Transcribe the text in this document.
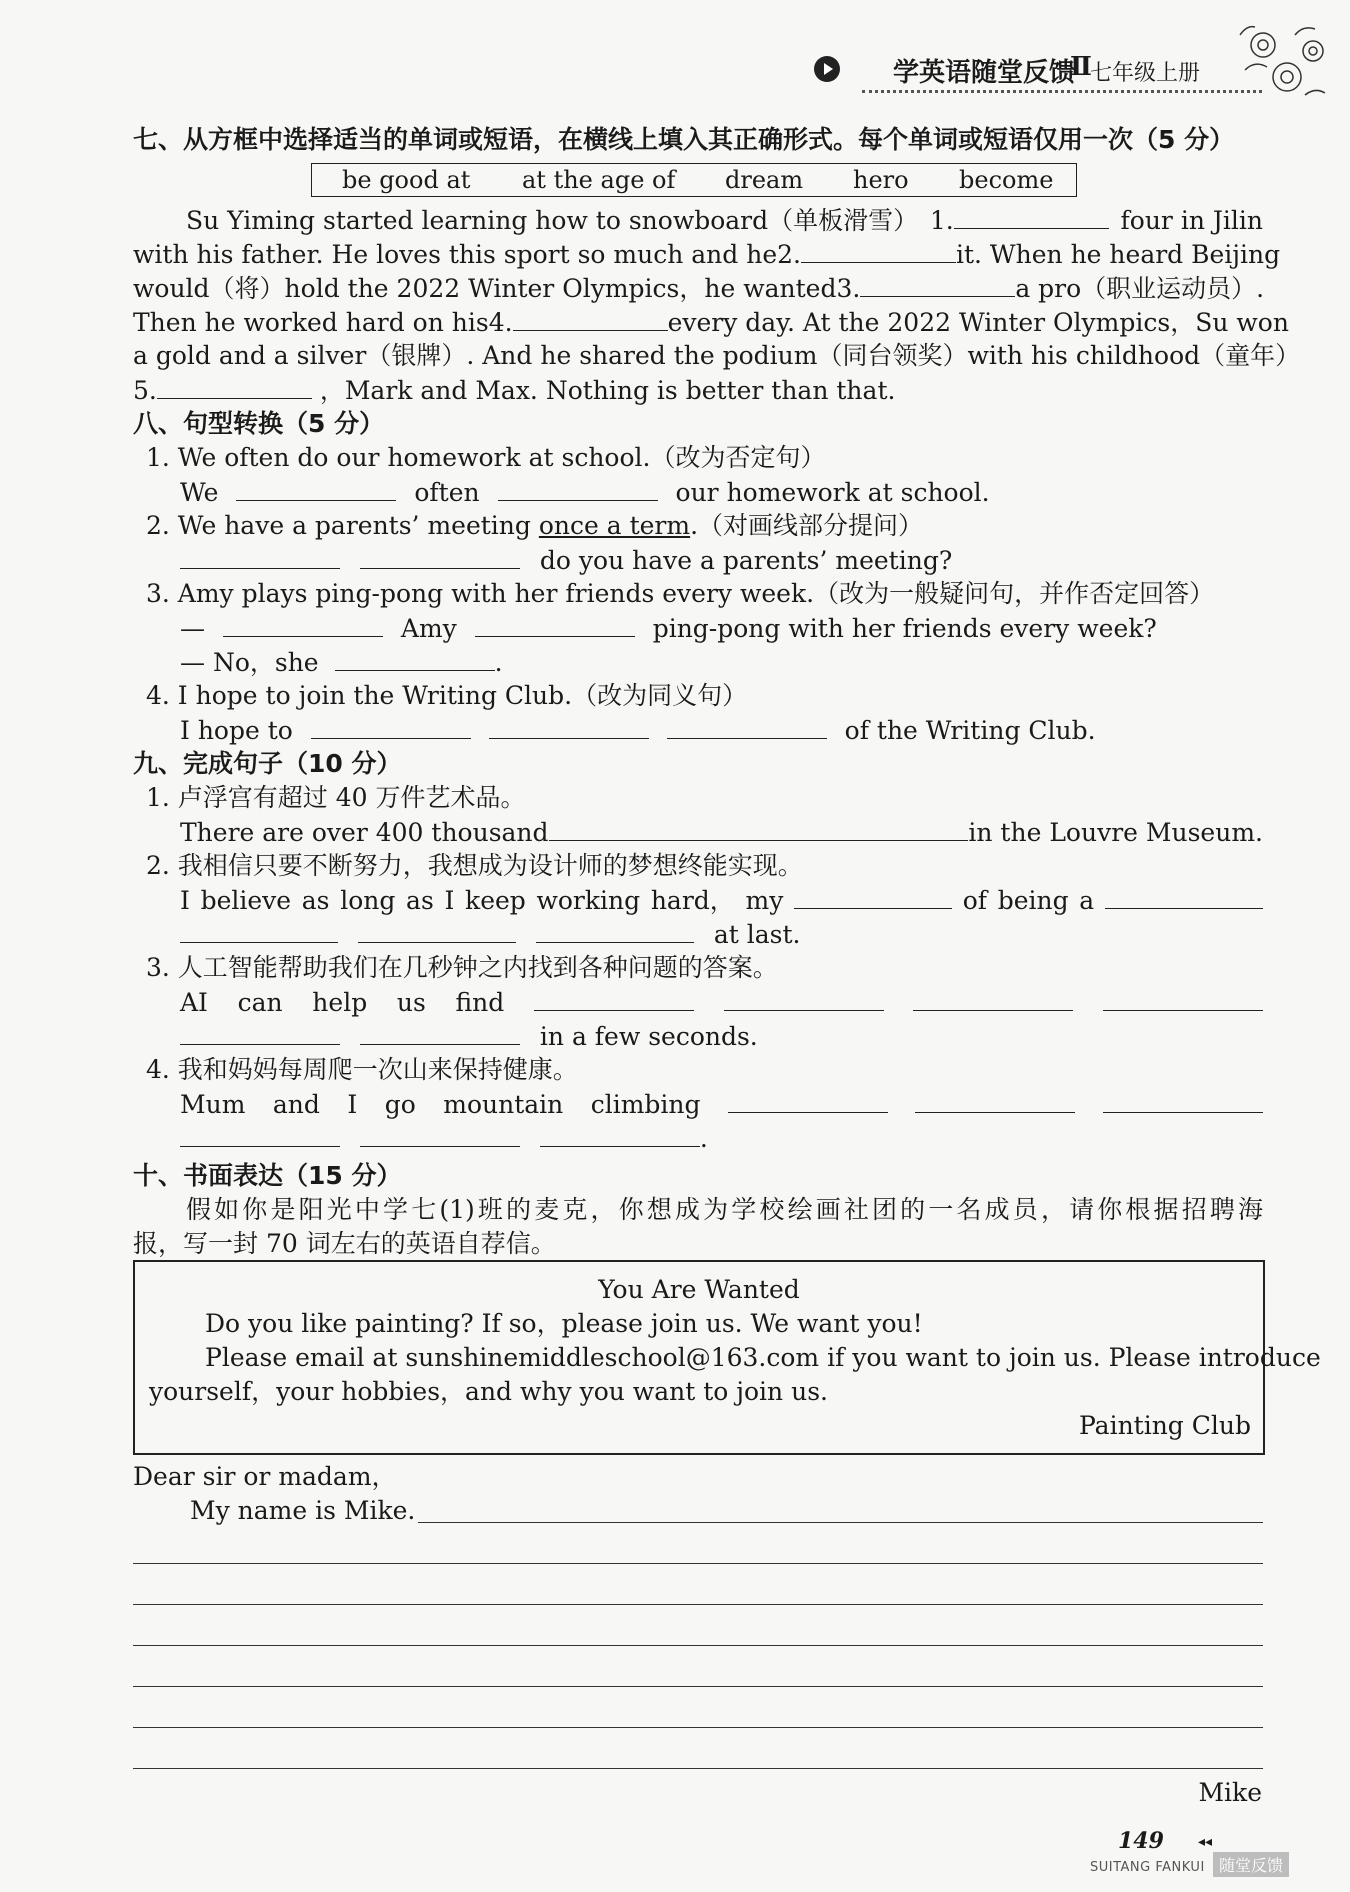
学英语随堂反馈
Ⅱ
七年级上册
七、从方框中选择适当的单词或短语，在横线上填入其正确形式。每个单词或短语仅用一次（5 分）
be good at at the age of dream hero become
Su Yiming started learning how to snowboard（单板滑雪） 1.	four in Jilin
with his father. He loves this sport so much and he 2.	it. When he heard Beijing
would（将）hold the 2022 Winter Olympics，he wanted 3.	a pro（职业运动员）.
Then he worked hard on his 4.	every day. At the 2022 Winter Olympics，Su won
a gold and a silver（银牌）. And he shared the podium（同台领奖）with his childhood（童年）
5.	，Mark and Max. Nothing is better than that.
八、句型转换（5 分）
1. We often do our homework at school.（改为否定句）
We	often	our homework at school.
2. We have a parents’ meeting once a term.（对画线部分提问）
do you have a parents’ meeting?
3. Amy plays ping-pong with her friends every week.（改为一般疑问句，并作否定回答）
—	Amy	ping-pong with her friends every week?
— No，she	.
4. I hope to join the Writing Club.（改为同义句）
I hope to	of the Writing Club.
九、完成句子（10 分）
1. 卢浮宫有超过 40 万件艺术品。
There are over 400 thousand	in the Louvre Museum.
2. 我相信只要不断努力，我想成为设计师的梦想终能实现。
I believe as long as I keep working hard， my	of being a
at last.
3. 人工智能帮助我们在几秒钟之内找到各种问题的答案。
AI can help us find
in a few seconds.
4. 我和妈妈每周爬一次山来保持健康。
Mum and I go mountain climbing
.
十、书面表达（15 分）
假如你是阳光中学七(1)班的麦克，你想成为学校绘画社团的一名成员，请你根据招聘海
报，写一封 70 词左右的英语自荐信。
You Are Wanted
Do you like painting? If so，please join us. We want you!
Please email at sunshinemiddleschool@163.com if you want to join us. Please introduce
yourself，your hobbies，and why you want to join us.
Painting Club
Dear sir or madam，
My name is Mike.
Mike
149 ◂◂
SUITANG FANKUI 随堂反馈
